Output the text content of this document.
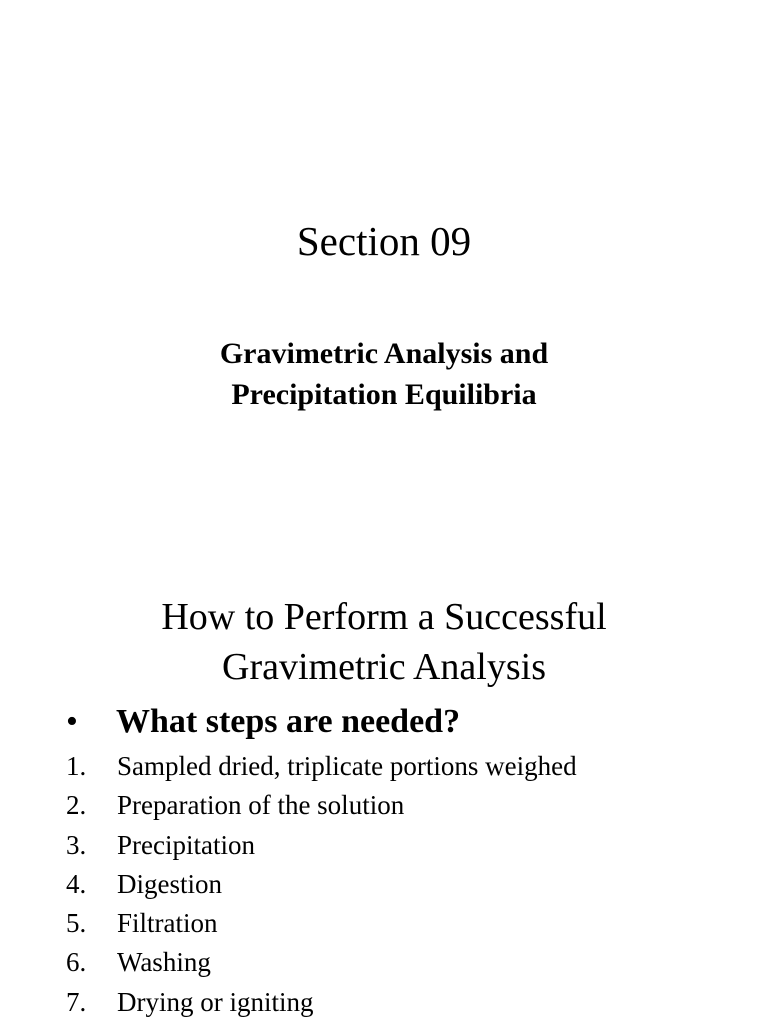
Section 09
Gravimetric Analysis and
Precipitation Equilibria
How to Perform a Successful
Gravimetric Analysis
• What steps are needed?
1. Sampled dried, triplicate portions weighed
2. Preparation of the solution
3. Precipitation
4. Digestion
5. Filtration
6. Washing
7. Drying or igniting
